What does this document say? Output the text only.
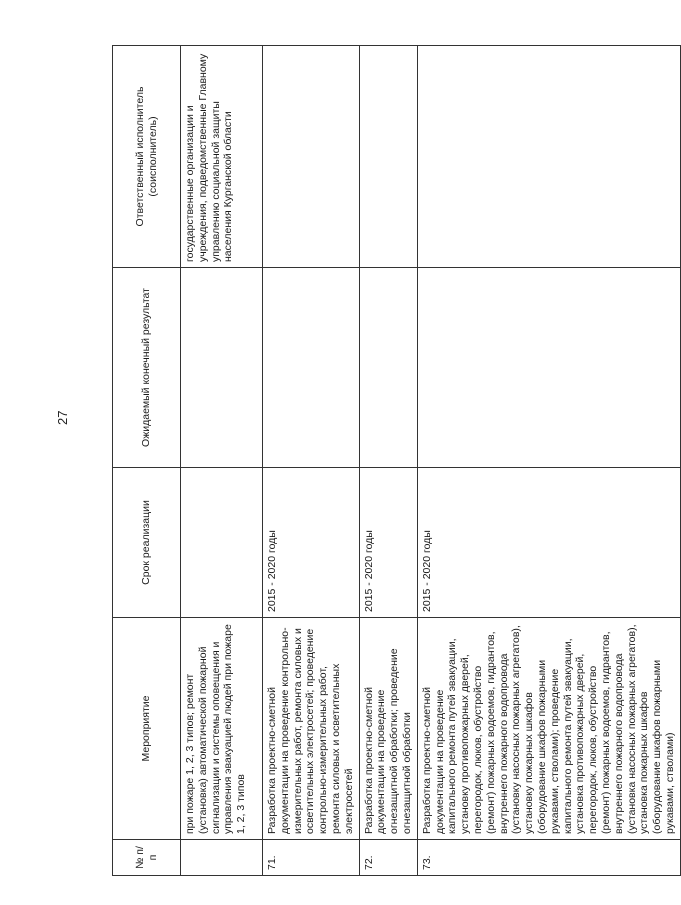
27
№ п/п	Мероприятие	Срок реализации	Ожидаемый конечный результат	Ответственный исполнитель (соисполнитель)
	при пожаре 1, 2, 3 типов; ремонт (установка) автоматической пожарной сигнализации и системы оповещения и управления эвакуацией людей при пожаре 1, 2, 3 типов			государственные организации и учреждения, подведомственные Главному управлению социальной защиты населения Курганской области
71.	Разработка проектно-сметной документации на проведение контрольно-измерительных работ, ремонта силовых и осветительных электросетей; проведение контрольно-измерительных работ, ремонта силовых и осветительных электросетей	2015 - 2020 годы		
72.	Разработка проектно-сметной документации на проведение огнезащитной обработки; проведение огнезащитной обработки	2015 - 2020 годы		
73.	Разработка проектно-сметной документации на проведение капитального ремонта путей эвакуации, установку противопожарных дверей, перегородок, люков, обустройство (ремонт) пожарных водоемов, гидрантов, внутреннего пожарного водопровода (установку насосных пожарных агрегатов), установку пожарных шкафов (оборудование шкафов пожарными рукавами, стволами); проведение капитального ремонта путей эвакуации, установка противопожарных дверей, перегородок, люков, обустройство (ремонт) пожарных водоемов, гидрантов, внутреннего пожарного водопровода (установка насосных пожарных агрегатов), установка пожарных шкафов (оборудование шкафов пожарными рукавами, стволами)	2015 - 2020 годы		
